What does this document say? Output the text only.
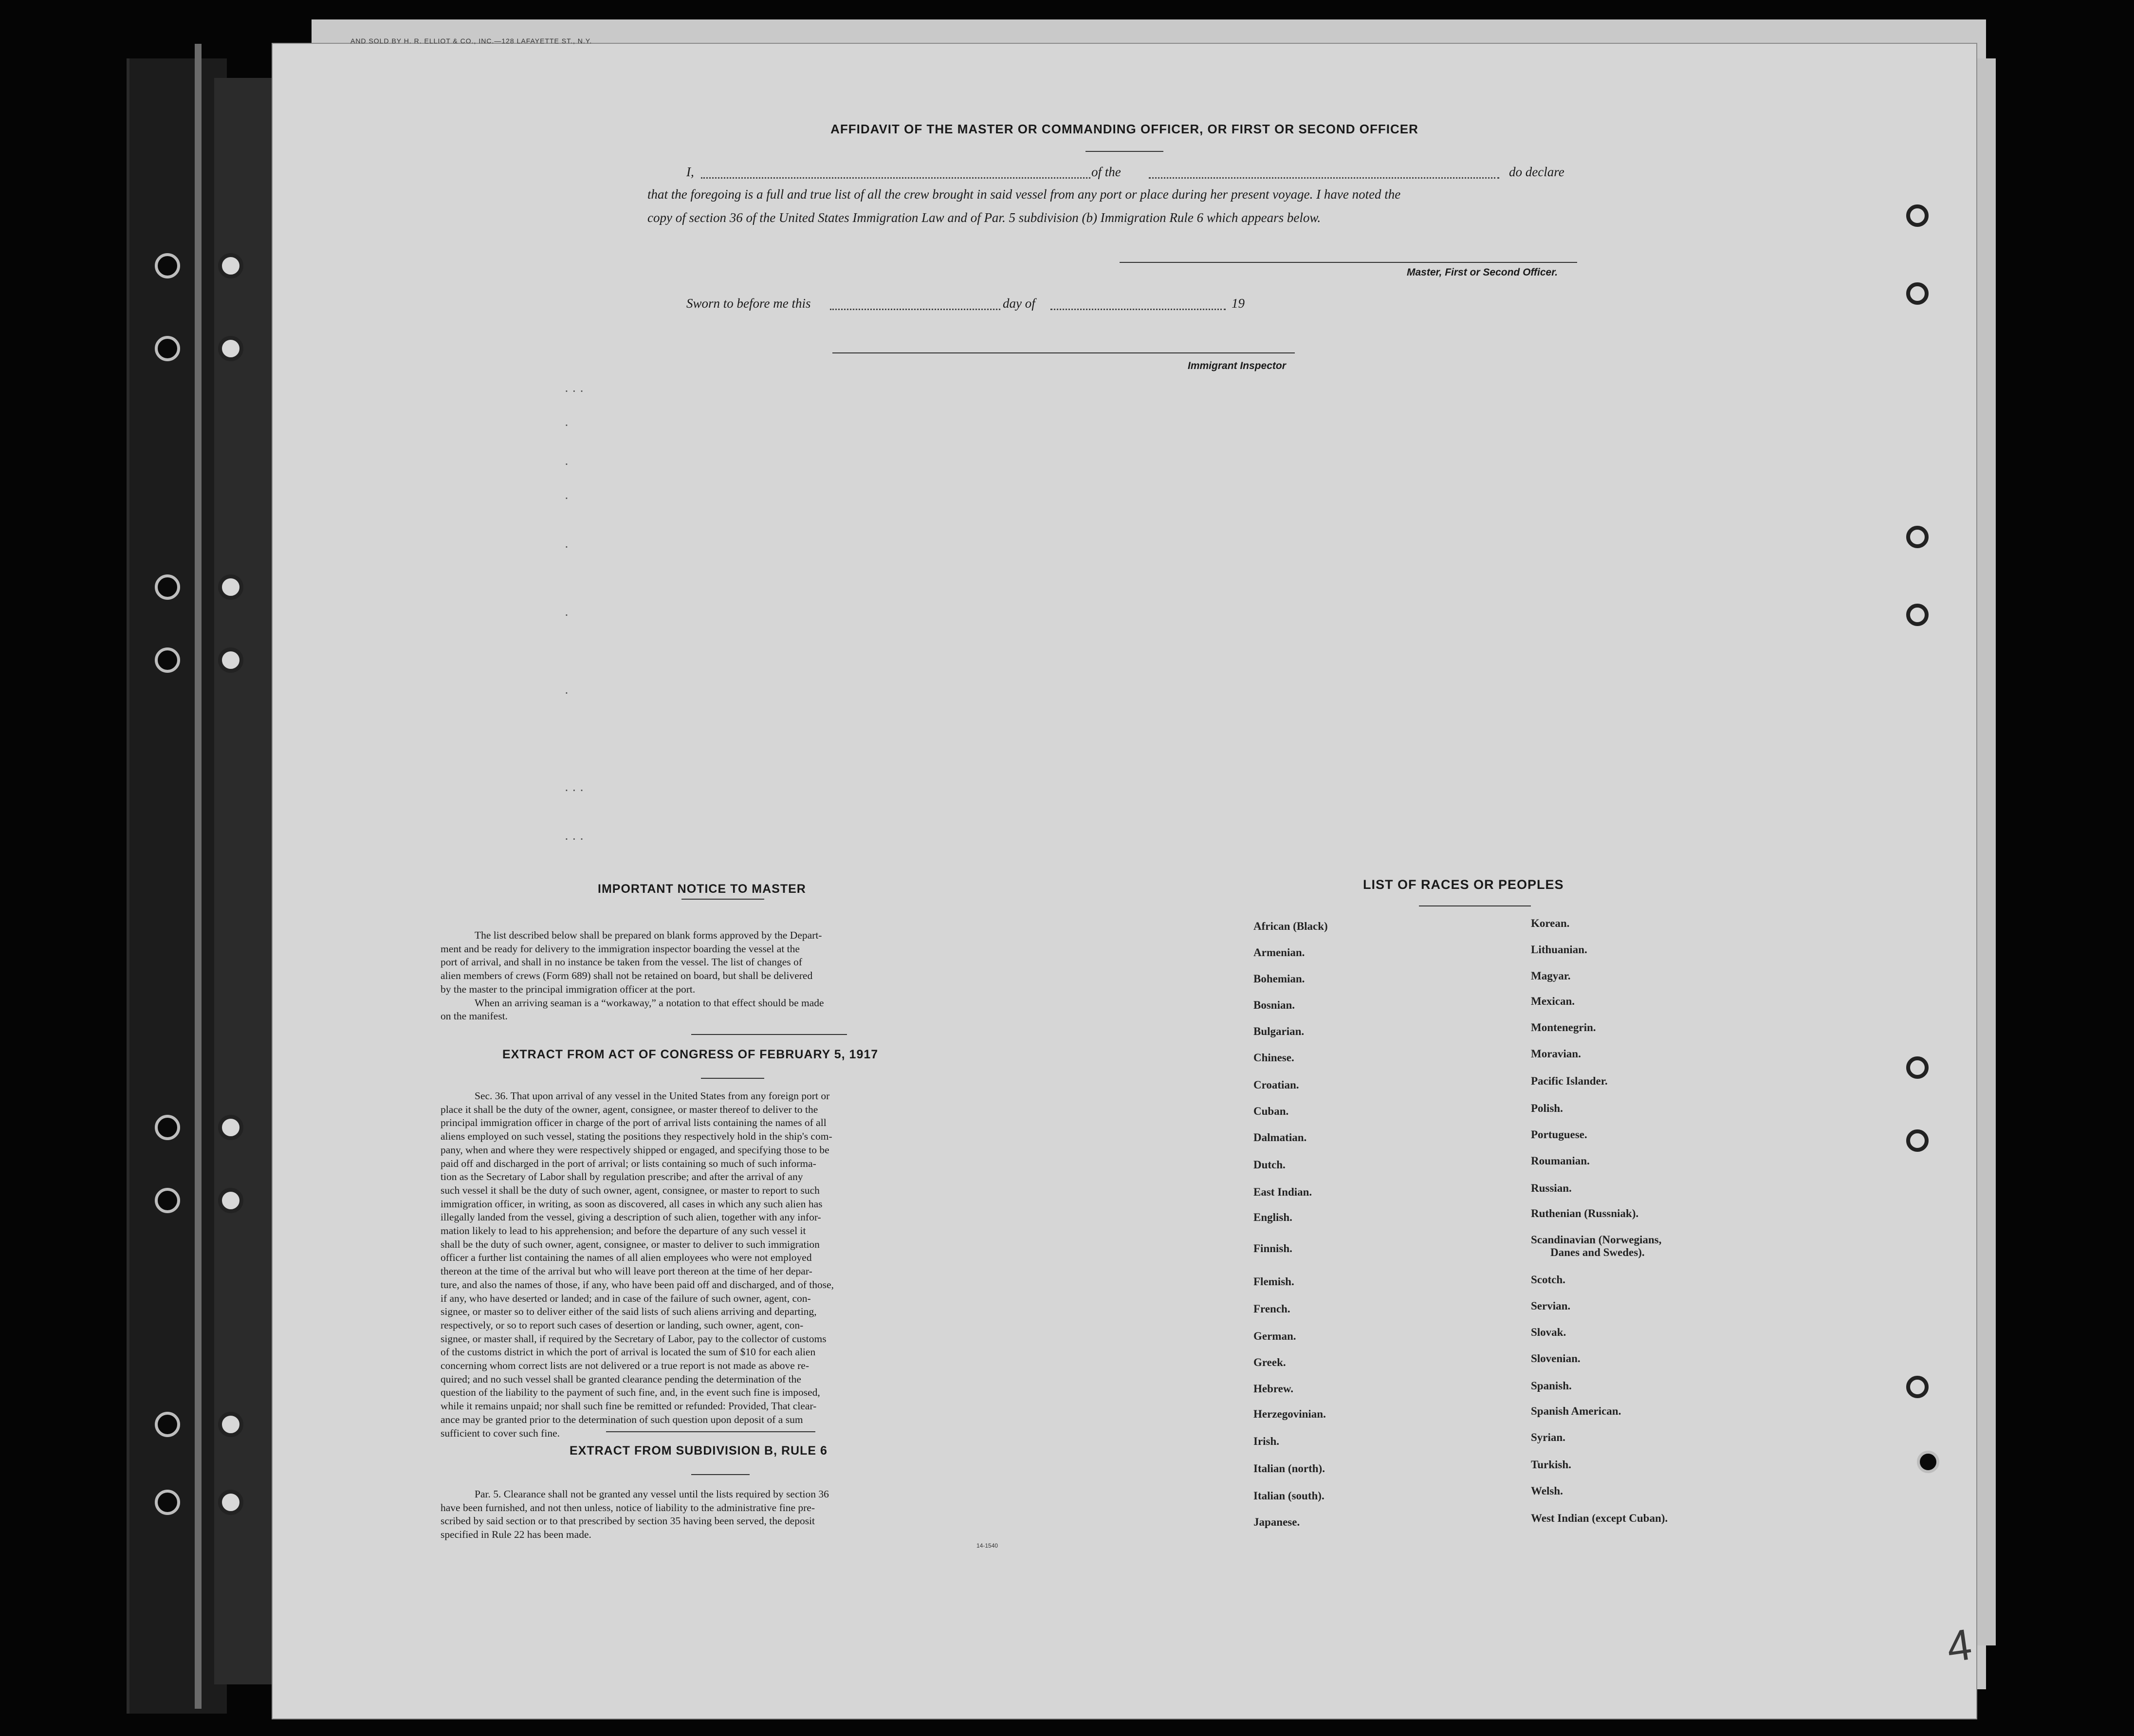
AND SOLD BY H. R. ELLIOT & CO., INC.—128 LAFAYETTE ST., N.Y.
AFFIDAVIT OF THE MASTER OR COMMANDING OFFICER, OR FIRST OR SECOND OFFICER
I,	of the	do declare
that the foregoing is a full and true list of all the crew brought in said vessel from any port or place during her present voyage. I have noted the
copy of section 36 of the United States Immigration Law and of Par. 5 subdivision (b) Immigration Rule 6 which appears below.
Master, First or Second Officer.
Sworn to before me this	day of	19
Immigrant Inspector
. . .
.
.
.
.
.
.
. . .
. . .
IMPORTANT NOTICE TO MASTER
The list described below shall be prepared on blank forms approved by the Depart-
ment and be ready for delivery to the immigration inspector boarding the vessel at the
port of arrival, and shall in no instance be taken from the vessel. The list of changes of
alien members of crews (Form 689) shall not be retained on board, but shall be delivered
by the master to the principal immigration officer at the port.
When an arriving seaman is a “workaway,” a notation to that effect should be made
on the manifest.
EXTRACT FROM ACT OF CONGRESS OF FEBRUARY 5, 1917
Sec. 36. That upon arrival of any vessel in the United States from any foreign port or
place it shall be the duty of the owner, agent, consignee, or master thereof to deliver to the
principal immigration officer in charge of the port of arrival lists containing the names of all
aliens employed on such vessel, stating the positions they respectively hold in the ship's com-
pany, when and where they were respectively shipped or engaged, and specifying those to be
paid off and discharged in the port of arrival; or lists containing so much of such informa-
tion as the Secretary of Labor shall by regulation prescribe; and after the arrival of any
such vessel it shall be the duty of such owner, agent, consignee, or master to report to such
immigration officer, in writing, as soon as discovered, all cases in which any such alien has
illegally landed from the vessel, giving a description of such alien, together with any infor-
mation likely to lead to his apprehension; and before the departure of any such vessel it
shall be the duty of such owner, agent, consignee, or master to deliver to such immigration
officer a further list containing the names of all alien employees who were not employed
thereon at the time of the arrival but who will leave port thereon at the time of her depar-
ture, and also the names of those, if any, who have been paid off and discharged, and of those,
if any, who have deserted or landed; and in case of the failure of such owner, agent, con-
signee, or master so to deliver either of the said lists of such aliens arriving and departing,
respectively, or so to report such cases of desertion or landing, such owner, agent, con-
signee, or master shall, if required by the Secretary of Labor, pay to the collector of customs
of the customs district in which the port of arrival is located the sum of $10 for each alien
concerning whom correct lists are not delivered or a true report is not made as above re-
quired; and no such vessel shall be granted clearance pending the determination of the
question of the liability to the payment of such fine, and, in the event such fine is imposed,
while it remains unpaid; nor shall such fine be remitted or refunded: Provided, That clear-
ance may be granted prior to the determination of such question upon deposit of a sum
sufficient to cover such fine.
EXTRACT FROM SUBDIVISION B, RULE 6
Par. 5. Clearance shall not be granted any vessel until the lists required by section 36
have been furnished, and not then unless, notice of liability to the administrative fine pre-
scribed by said section or to that prescribed by section 35 having been served, the deposit
specified in Rule 22 has been made.
14-1540
LIST OF RACES OR PEOPLES
African (Black)
Armenian.
Bohemian.
Bosnian.
Bulgarian.
Chinese.
Croatian.
Cuban.
Dalmatian.
Dutch.
East Indian.
English.
Finnish.
Flemish.
French.
German.
Greek.
Hebrew.
Herzegovinian.
Irish.
Italian (north).
Italian (south).
Japanese.
Korean.
Lithuanian.
Magyar.
Mexican.
Montenegrin.
Moravian.
Pacific Islander.
Polish.
Portuguese.
Roumanian.
Russian.
Ruthenian (Russniak).
Scandinavian (Norwegians,
Danes and Swedes).
Scotch.
Servian.
Slovak.
Slovenian.
Spanish.
Spanish American.
Syrian.
Turkish.
Welsh.
West Indian (except Cuban).
4
